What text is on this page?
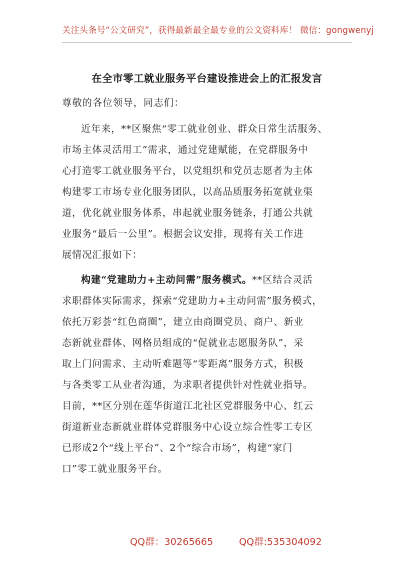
关注头条号“公文研究”，获得最新最全最专业的公文资料库！ 微信：gongwenyj
在全市零工就业服务平台建设推进会上的汇报发言
尊敬的各位领导，同志们：
近年来，**区聚焦“零工就业创业、群众日常生活服务、
市场主体灵活用工”需求，通过党建赋能，在党群服务中
心打造零工就业服务平台，以党组织和党员志愿者为主体
构建零工市场专业化服务团队，以高品质服务拓宽就业渠
道，优化就业服务体系，串起就业服务链条，打通公共就
业服务“最后一公里”。根据会议安排，现将有关工作进
展情况汇报如下：
构建“党建助力+主动问需”服务模式。**区结合灵活
求职群体实际需求，探索“党建助力+主动问需”服务模式，
依托万彩荟“红色商圈”，建立由商圈党员、商户、新业
态新就业群体、网格员组成的“促就业志愿服务队”，采
取上门问需求、主动听难题等“零距离”服务方式，积极
与各类零工从业者沟通，为求职者提供针对性就业指导。
目前，**区分别在莲华街道江北社区党群服务中心、红云
街道新业态新就业群体党群服务中心设立综合性零工专区
已形成2个“线上平台”、2个“综合市场”，构建“家门
口”零工就业服务平台。
QQ群：30265665	QQ群:535304092
